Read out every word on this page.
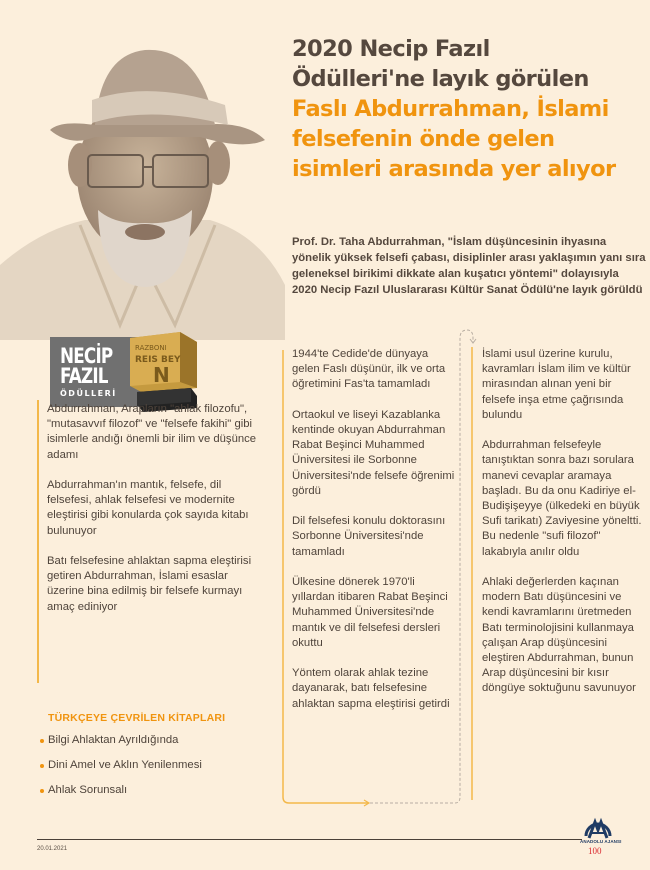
NECİP
FAZIL
ÖDÜLLERİ
RAZBONI
REIS BEY
N
2020 Necip Fazıl
Ödülleri'ne layık görülen
Faslı Abdurrahman, İslami felsefenin önde gelen isimleri arasında yer alıyor

Prof. Dr. Taha Abdurrahman, "İslam düşüncesinin ihyasına yönelik yüksek felsefi çabası, disiplinler arası yaklaşımın yanı sıra geleneksel birikimi dikkate alan kuşatıcı yöntemi" dolayısıyla 2020 Necip Fazıl Uluslararası Kültür Sanat Ödülü'ne layık görüldü

Abdurrahman, Arapların "ahlak filozofu", "mutasavvıf filozof" ve "felsefe fakihi" gibi isimlerle andığı önemli bir ilim ve düşünce adamı

Abdurrahman'ın mantık, felsefe, dil felsefesi, ahlak felsefesi ve modernite eleştirisi gibi konularda çok sayıda kitabı bulunuyor

Batı felsefesine ahlaktan sapma eleştirisi getiren Abdurrahman, İslami esaslar üzerine bina edilmiş bir felsefe kurmayı amaç ediniyor

TÜRKÇEYE ÇEVRİLEN KİTAPLARI
Bilgi Ahlaktan Ayrıldığında
Dini Amel ve Aklın Yenilenmesi
Ahlak Sorunsalı

1944'te Cedide'de dünyaya gelen Faslı düşünür, ilk ve orta öğretimini Fas'ta tamamladı

Ortaokul ve liseyi Kazablanka kentinde okuyan Abdurrahman Rabat Beşinci Muhammed Üniversitesi ile Sorbonne Üniversitesi'nde felsefe öğrenimi gördü

Dil felsefesi konulu doktorasını Sorbonne Üniversitesi'nde tamamladı

Ülkesine dönerek 1970'li yıllardan itibaren Rabat Beşinci Muhammed Üniversitesi'nde mantık ve dil felsefesi dersleri okuttu

Yöntem olarak ahlak tezine dayanarak, batı felsefesine ahlaktan sapma eleştirisi getirdi

İslami usul üzerine kurulu, kavramları İslam ilim ve kültür mirasından alınan yeni bir felsefe inşa etme çağrısında bulundu

Abdurrahman felsefeyle tanıştıktan sonra bazı sorulara manevi cevaplar aramaya başladı. Bu da onu Kadiriye el-Budişişeyye (ülkedeki en büyük Sufi tarikatı) Zaviyesine yöneltti. Bu nedenle "sufi filozof" lakabıyla anılır oldu

Ahlaki değerlerden kaçınan modern Batı düşüncesini ve kendi kavramlarını üretmeden Batı terminolojisini kullanmaya çalışan Arap düşüncesini eleştiren Abdurrahman, bunun Arap düşüncesini bir kısır döngüye soktuğunu savunuyor

20.01.2021
ANADOLU AJANSI
100
